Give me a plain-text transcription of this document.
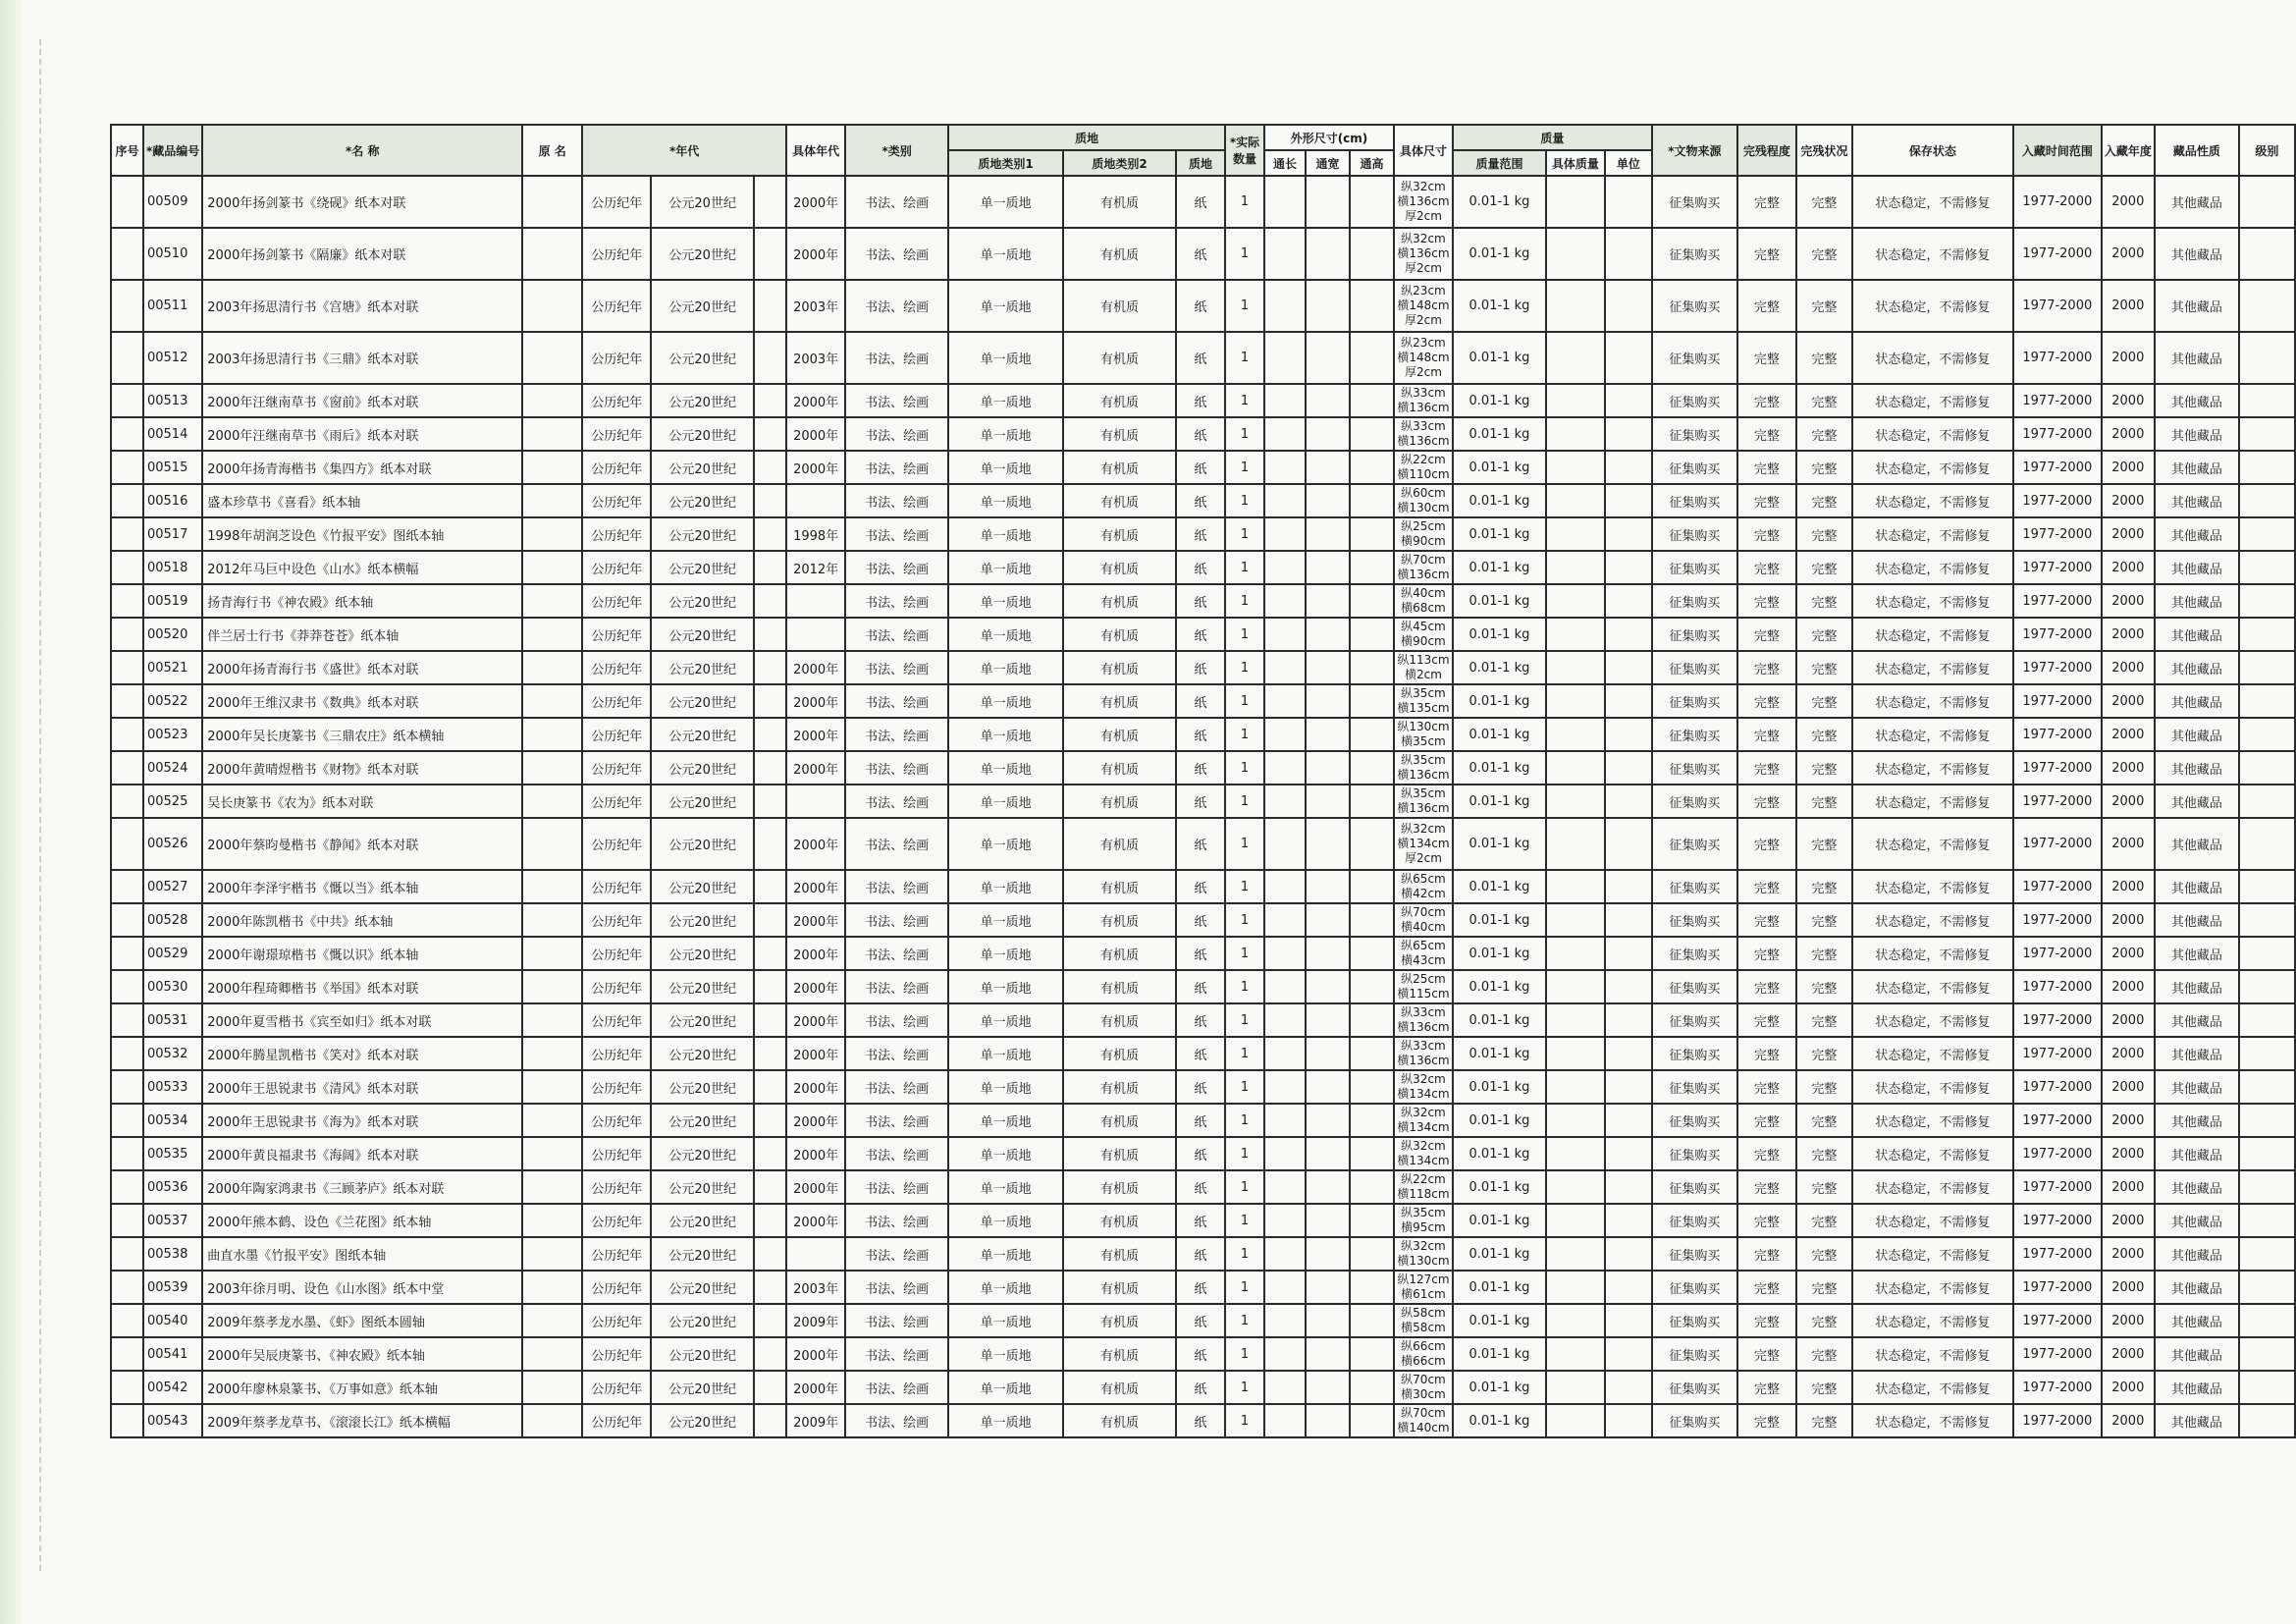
序号	*藏品编号	*名 称	原 名	*年代			具体年代	*类别	质地			*实际数量	外形尺寸(cm)			具体尺寸	质量			*文物来源	完残程度	完残状况	保存状态	入藏时间范围	入藏年度	藏品性质	级别
									质地类别1	质地类别2	质地		通长	通宽	通高		质量范围	具体质量	单位								
	00509	2000年扬剑篆书《绕砚》纸本对联		公历纪年	公元20世纪		2000年	书法、绘画	单一质地	有机质	纸	1				纵32cm
横136cm
厚2cm	0.01-1 kg			征集购买	完整	完整	状态稳定，不需修复	1977-2000	2000	其他藏品	
	00510	2000年扬剑篆书《隔廉》纸本对联		公历纪年	公元20世纪		2000年	书法、绘画	单一质地	有机质	纸	1				纵32cm
横136cm
厚2cm	0.01-1 kg			征集购买	完整	完整	状态稳定，不需修复	1977-2000	2000	其他藏品	
	00511	2003年扬思清行书《宫塘》纸本对联		公历纪年	公元20世纪		2003年	书法、绘画	单一质地	有机质	纸	1				纵23cm
横148cm
厚2cm	0.01-1 kg			征集购买	完整	完整	状态稳定，不需修复	1977-2000	2000	其他藏品	
	00512	2003年扬思清行书《三鼎》纸本对联		公历纪年	公元20世纪		2003年	书法、绘画	单一质地	有机质	纸	1				纵23cm
横148cm
厚2cm	0.01-1 kg			征集购买	完整	完整	状态稳定，不需修复	1977-2000	2000	其他藏品	
	00513	2000年汪继南草书《窗前》纸本对联		公历纪年	公元20世纪		2000年	书法、绘画	单一质地	有机质	纸	1				纵33cm
横136cm	0.01-1 kg			征集购买	完整	完整	状态稳定，不需修复	1977-2000	2000	其他藏品	
	00514	2000年汪继南草书《雨后》纸本对联		公历纪年	公元20世纪		2000年	书法、绘画	单一质地	有机质	纸	1				纵33cm
横136cm	0.01-1 kg			征集购买	完整	完整	状态稳定，不需修复	1977-2000	2000	其他藏品	
	00515	2000年扬青海楷书《集四方》纸本对联		公历纪年	公元20世纪		2000年	书法、绘画	单一质地	有机质	纸	1				纵22cm
横110cm	0.01-1 kg			征集购买	完整	完整	状态稳定，不需修复	1977-2000	2000	其他藏品	
	00516	盛本珍草书《喜看》纸本轴		公历纪年	公元20世纪			书法、绘画	单一质地	有机质	纸	1				纵60cm
横130cm	0.01-1 kg			征集购买	完整	完整	状态稳定，不需修复	1977-2000	2000	其他藏品	
	00517	1998年胡润芝设色《竹报平安》图纸本轴		公历纪年	公元20世纪		1998年	书法、绘画	单一质地	有机质	纸	1				纵25cm
横90cm	0.01-1 kg			征集购买	完整	完整	状态稳定，不需修复	1977-2000	2000	其他藏品	
	00518	2012年马巨中设色《山水》纸本横幅		公历纪年	公元20世纪		2012年	书法、绘画	单一质地	有机质	纸	1				纵70cm
横136cm	0.01-1 kg			征集购买	完整	完整	状态稳定，不需修复	1977-2000	2000	其他藏品	
	00519	扬青海行书《神农殿》纸本轴		公历纪年	公元20世纪			书法、绘画	单一质地	有机质	纸	1				纵40cm
横68cm	0.01-1 kg			征集购买	完整	完整	状态稳定，不需修复	1977-2000	2000	其他藏品	
	00520	伴兰居士行书《莽莽苍苍》纸本轴		公历纪年	公元20世纪			书法、绘画	单一质地	有机质	纸	1				纵45cm
横90cm	0.01-1 kg			征集购买	完整	完整	状态稳定，不需修复	1977-2000	2000	其他藏品	
	00521	2000年扬青海行书《盛世》纸本对联		公历纪年	公元20世纪		2000年	书法、绘画	单一质地	有机质	纸	1				纵113cm
横2cm	0.01-1 kg			征集购买	完整	完整	状态稳定，不需修复	1977-2000	2000	其他藏品	
	00522	2000年王维汉隶书《数典》纸本对联		公历纪年	公元20世纪		2000年	书法、绘画	单一质地	有机质	纸	1				纵35cm
横135cm	0.01-1 kg			征集购买	完整	完整	状态稳定，不需修复	1977-2000	2000	其他藏品	
	00523	2000年吴长庚篆书《三鼎农庄》纸本横轴		公历纪年	公元20世纪		2000年	书法、绘画	单一质地	有机质	纸	1				纵130cm
横35cm	0.01-1 kg			征集购买	完整	完整	状态稳定，不需修复	1977-2000	2000	其他藏品	
	00524	2000年黄晴煜楷书《财物》纸本对联		公历纪年	公元20世纪		2000年	书法、绘画	单一质地	有机质	纸	1				纵35cm
横136cm	0.01-1 kg			征集购买	完整	完整	状态稳定，不需修复	1977-2000	2000	其他藏品	
	00525	吴长庚篆书《农为》纸本对联		公历纪年	公元20世纪			书法、绘画	单一质地	有机质	纸	1				纵35cm
横136cm	0.01-1 kg			征集购买	完整	完整	状态稳定，不需修复	1977-2000	2000	其他藏品	
	00526	2000年蔡昀曼楷书《静闻》纸本对联		公历纪年	公元20世纪		2000年	书法、绘画	单一质地	有机质	纸	1				纵32cm
横134cm
厚2cm	0.01-1 kg			征集购买	完整	完整	状态稳定，不需修复	1977-2000	2000	其他藏品	
	00527	2000年李泽宇楷书《慨以当》纸本轴		公历纪年	公元20世纪		2000年	书法、绘画	单一质地	有机质	纸	1				纵65cm
横42cm	0.01-1 kg			征集购买	完整	完整	状态稳定，不需修复	1977-2000	2000	其他藏品	
	00528	2000年陈凯楷书《中共》纸本轴		公历纪年	公元20世纪		2000年	书法、绘画	单一质地	有机质	纸	1				纵70cm
横40cm	0.01-1 kg			征集购买	完整	完整	状态稳定，不需修复	1977-2000	2000	其他藏品	
	00529	2000年谢璟琼楷书《慨以识》纸本轴		公历纪年	公元20世纪		2000年	书法、绘画	单一质地	有机质	纸	1				纵65cm
横43cm	0.01-1 kg			征集购买	完整	完整	状态稳定，不需修复	1977-2000	2000	其他藏品	
	00530	2000年程琦卿楷书《举国》纸本对联		公历纪年	公元20世纪		2000年	书法、绘画	单一质地	有机质	纸	1				纵25cm
横115cm	0.01-1 kg			征集购买	完整	完整	状态稳定，不需修复	1977-2000	2000	其他藏品	
	00531	2000年夏雪楷书《宾至如归》纸本对联		公历纪年	公元20世纪		2000年	书法、绘画	单一质地	有机质	纸	1				纵33cm
横136cm	0.01-1 kg			征集购买	完整	完整	状态稳定，不需修复	1977-2000	2000	其他藏品	
	00532	2000年腾星凯楷书《笑对》纸本对联		公历纪年	公元20世纪		2000年	书法、绘画	单一质地	有机质	纸	1				纵33cm
横136cm	0.01-1 kg			征集购买	完整	完整	状态稳定，不需修复	1977-2000	2000	其他藏品	
	00533	2000年王思锐隶书《清风》纸本对联		公历纪年	公元20世纪		2000年	书法、绘画	单一质地	有机质	纸	1				纵32cm
横134cm	0.01-1 kg			征集购买	完整	完整	状态稳定，不需修复	1977-2000	2000	其他藏品	
	00534	2000年王思锐隶书《海为》纸本对联		公历纪年	公元20世纪		2000年	书法、绘画	单一质地	有机质	纸	1				纵32cm
横134cm	0.01-1 kg			征集购买	完整	完整	状态稳定，不需修复	1977-2000	2000	其他藏品	
	00535	2000年黄良福隶书《海阔》纸本对联		公历纪年	公元20世纪		2000年	书法、绘画	单一质地	有机质	纸	1				纵32cm
横134cm	0.01-1 kg			征集购买	完整	完整	状态稳定，不需修复	1977-2000	2000	其他藏品	
	00536	2000年陶家鸿隶书《三顾茅庐》纸本对联		公历纪年	公元20世纪		2000年	书法、绘画	单一质地	有机质	纸	1				纵22cm
横118cm	0.01-1 kg			征集购买	完整	完整	状态稳定，不需修复	1977-2000	2000	其他藏品	
	00537	2000年熊本鹤、设色《兰花图》纸本轴		公历纪年	公元20世纪		2000年	书法、绘画	单一质地	有机质	纸	1				纵35cm
横95cm	0.01-1 kg			征集购买	完整	完整	状态稳定，不需修复	1977-2000	2000	其他藏品	
	00538	曲直水墨《竹报平安》图纸本轴		公历纪年	公元20世纪			书法、绘画	单一质地	有机质	纸	1				纵32cm
横130cm	0.01-1 kg			征集购买	完整	完整	状态稳定，不需修复	1977-2000	2000	其他藏品	
	00539	2003年徐月明、设色《山水图》纸本中堂		公历纪年	公元20世纪		2003年	书法、绘画	单一质地	有机质	纸	1				纵127cm
横61cm	0.01-1 kg			征集购买	完整	完整	状态稳定，不需修复	1977-2000	2000	其他藏品	
	00540	2009年蔡孝龙水墨、《虾》图纸本圆轴		公历纪年	公元20世纪		2009年	书法、绘画	单一质地	有机质	纸	1				纵58cm
横58cm	0.01-1 kg			征集购买	完整	完整	状态稳定，不需修复	1977-2000	2000	其他藏品	
	00541	2000年吴辰庚篆书、《神农殿》纸本轴		公历纪年	公元20世纪		2000年	书法、绘画	单一质地	有机质	纸	1				纵66cm
横66cm	0.01-1 kg			征集购买	完整	完整	状态稳定，不需修复	1977-2000	2000	其他藏品	
	00542	2000年廖林泉篆书、《万事如意》纸本轴		公历纪年	公元20世纪		2000年	书法、绘画	单一质地	有机质	纸	1				纵70cm
横30cm	0.01-1 kg			征集购买	完整	完整	状态稳定，不需修复	1977-2000	2000	其他藏品	
	00543	2009年蔡孝龙草书、《滚滚长江》纸本横幅		公历纪年	公元20世纪		2009年	书法、绘画	单一质地	有机质	纸	1				纵70cm
横140cm	0.01-1 kg			征集购买	完整	完整	状态稳定，不需修复	1977-2000	2000	其他藏品	
